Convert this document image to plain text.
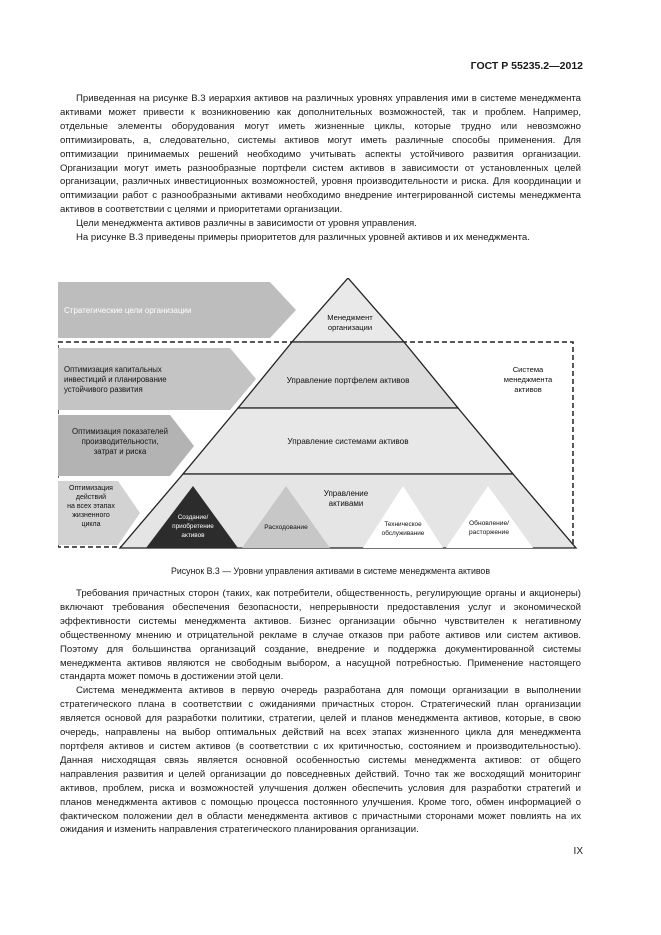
ГОСТ Р 55235.2—2012

Приведенная на рисунке В.3 иерархия активов на различных уровнях управления ими в системе менеджмента активами может привести к возникновению как дополнительных возможностей, так и проблем. Например, отдельные элементы оборудования могут иметь жизненные циклы, которые трудно или невозможно оптимизировать, а, следовательно, системы активов могут иметь различные способы применения. Для оптимизации принимаемых решений необходимо учитывать аспекты устойчивого развития организации. Организации могут иметь разнообразные портфели систем активов в зависимости от установленных целей организации, различных инвестиционных возможностей, уровня производительности и риска. Для координации и оптимизации работ с разнообразными активами необходимо внедрение интегрированной системы менеджмента активов в соответствии с целями и приоритетами организации.

Цели менеджмента активов различны в зависимости от уровня управления.

На рисунке В.3 приведены примеры приоритетов для различных уровней активов и их менеджмента.

Стратегические цели организации
Оптимизация капитальных
инвестиций и планирование
устойчивого развития
Оптимизация показателей
производительности,
затрат и риска
Оптимизация
действий
на всех этапах
жизненного
цикла
Менеджмент
организации
Управление портфелем активов
Управление системами активов
Управление
активами
Система
менеджмента
активов
Создание/
приобретение
активов
Расходование	Техническое
обслуживание
Обновление/
расторжение
Рисунок В.3 — Уровни управления активами в системе менеджмента активов

Требования причастных сторон (таких, как потребители, общественность, регулирующие органы и акционеры) включают требования обеспечения безопасности, непрерывности предоставления услуг и экономической эффективности системы менеджмента активов. Бизнес организации обычно чувствителен к негативному общественному мнению и отрицательной рекламе в случае отказов при работе активов или систем активов. Поэтому для большинства организаций создание, внедрение и поддержка документированной системы менеджмента активов являются не свободным выбором, а насущной потребностью. Применение настоящего стандарта может помочь в достижении этой цели.

Система менеджмента активов в первую очередь разработана для помощи организации в выполнении стратегического плана в соответствии с ожиданиями причастных сторон. Стратегический план организации является основой для разработки политики, стратегии, целей и планов менеджмента активов, которые, в свою очередь, направлены на выбор оптимальных действий на всех этапах жизненного цикла для менеджмента портфеля активов и систем активов (в соответствии с их критичностью, состоянием и производительностью). Данная нисходящая связь является основной особенностью системы менеджмента активов: от общего направления развития и целей организации до повседневных действий. Точно так же восходящий мониторинг активов, проблем, риска и возможностей улучшения должен обеспечить условия для разработки стратегий и планов менеджмента активов с помощью процесса постоянного улучшения. Кроме того, обмен информацией о фактическом положении дел в области менеджмента активов с причастными сторонами может повлиять на их ожидания и изменить направления стратегического планирования организации.

IX
